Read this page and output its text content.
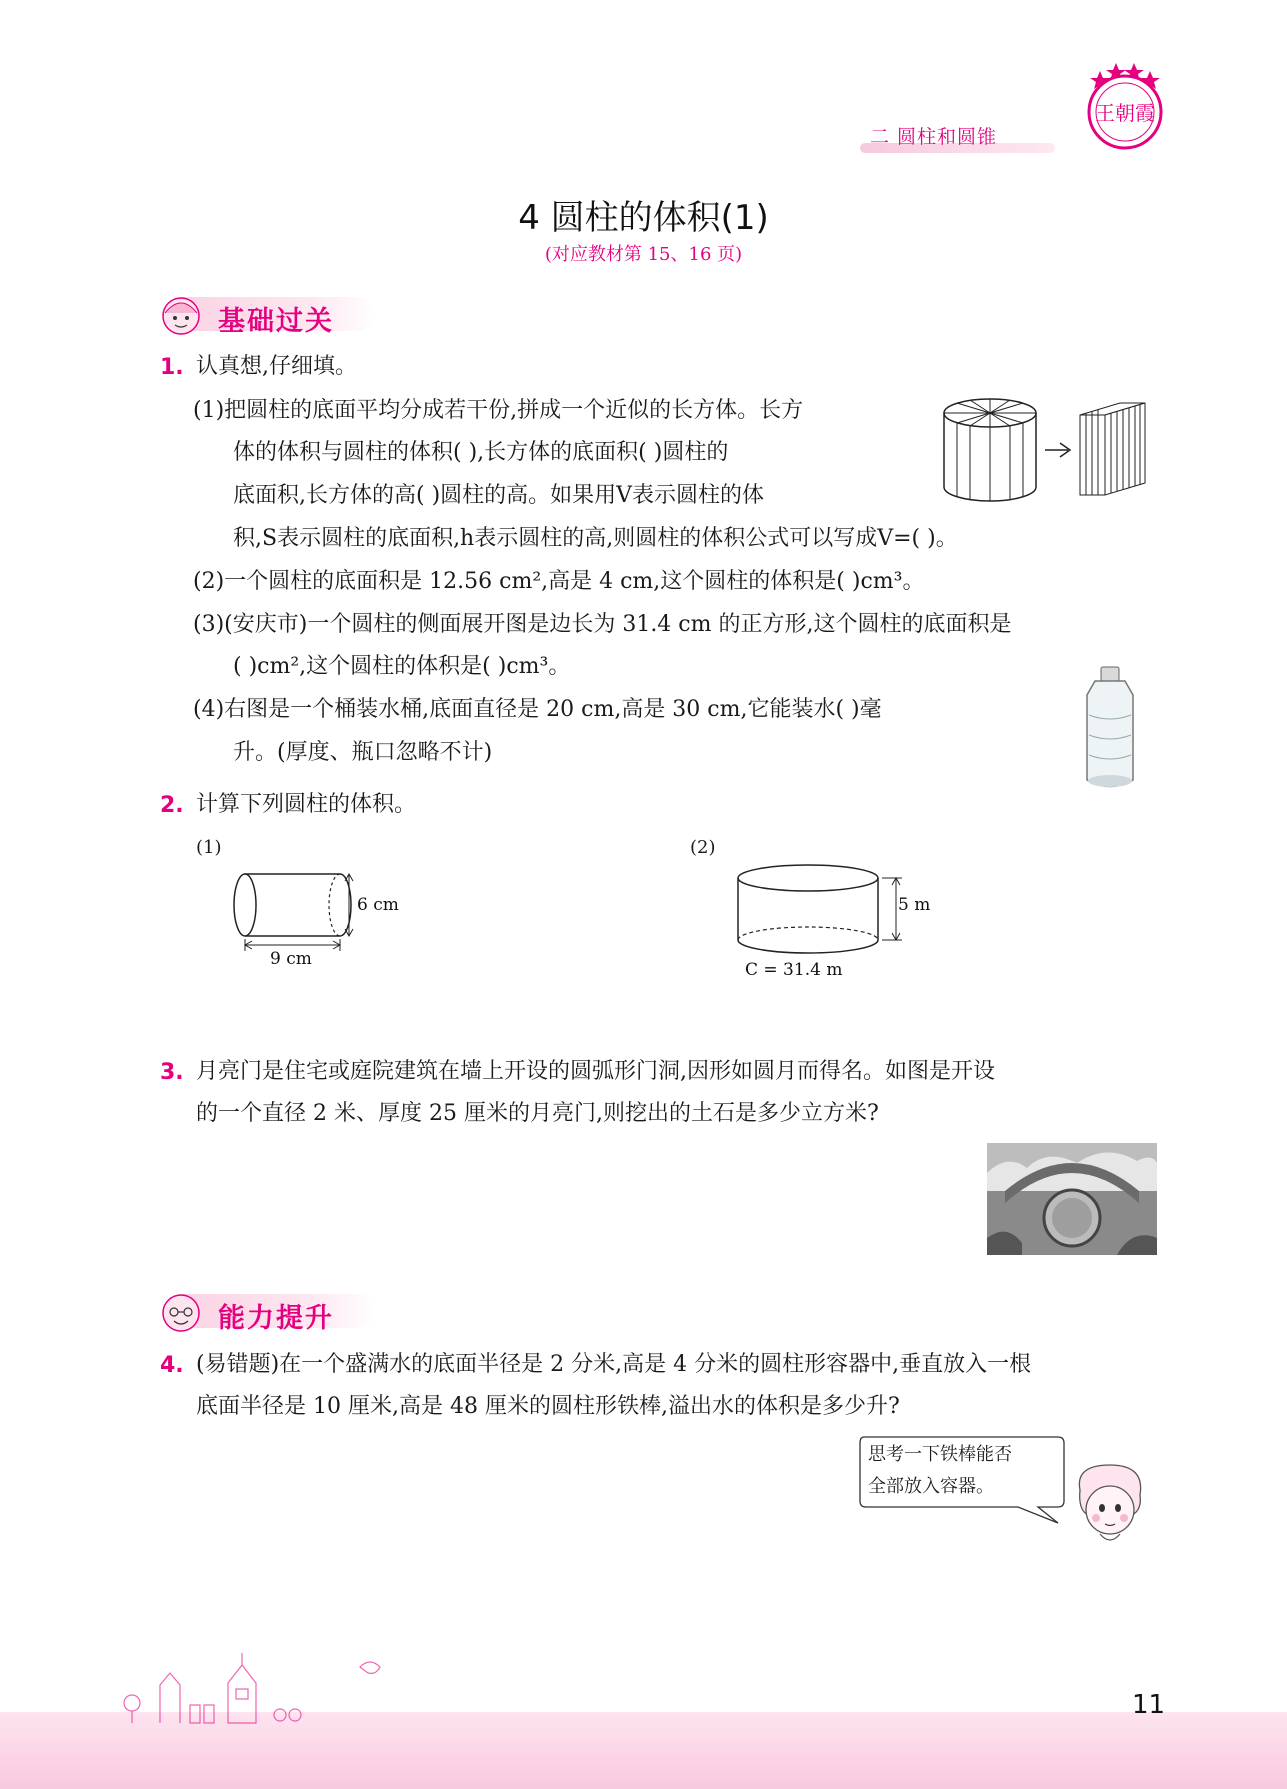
二 圆柱和圆锥
王朝霞
4 圆柱的体积(1)
(对应教材第 15、16 页)
基础过关
1. 认真想,仔细填。
(1)把圆柱的底面平均分成若干份,拼成一个近似的长方体。长方
体的体积与圆柱的体积( ),长方体的底面积( )圆柱的
底面积,长方体的高( )圆柱的高。如果用V表示圆柱的体
积,S表示圆柱的底面积,h表示圆柱的高,则圆柱的体积公式可以写成V=( )。
(2)一个圆柱的底面积是 12.56 cm²,高是 4 cm,这个圆柱的体积是( )cm³。
(3)(安庆市)一个圆柱的侧面展开图是边长为 31.4 cm 的正方形,这个圆柱的底面积是
( )cm²,这个圆柱的体积是( )cm³。
(4)右图是一个桶装水桶,底面直径是 20 cm,高是 30 cm,它能装水( )毫
升。(厚度、瓶口忽略不计)
2. 计算下列圆柱的体积。
(1)	(2)
6 cm
9 cm
5 m
C = 31.4 m
3. 月亮门是住宅或庭院建筑在墙上开设的圆弧形门洞,因形如圆月而得名。如图是开设
的一个直径 2 米、厚度 25 厘米的月亮门,则挖出的土石是多少立方米?
能力提升
4. (易错题)在一个盛满水的底面半径是 2 分米,高是 4 分米的圆柱形容器中,垂直放入一根
底面半径是 10 厘米,高是 48 厘米的圆柱形铁棒,溢出水的体积是多少升?
思考一下铁棒能否
全部放入容器。
11
